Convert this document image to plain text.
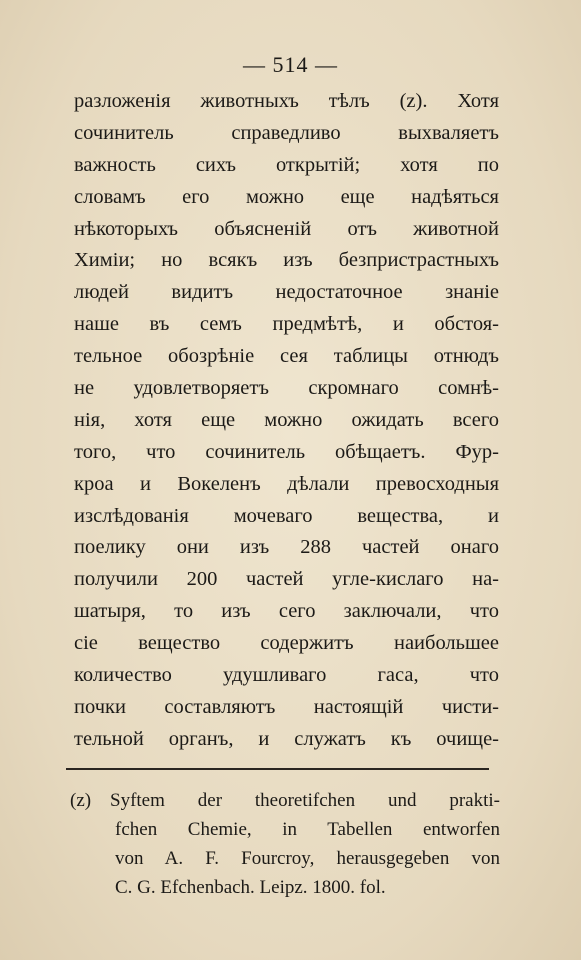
— 514 —
разложенія животныхъ тѣлъ (z). Хотя
сочинитель справедливо выхваляетъ
важность сихъ открытій; хотя по
словамъ его можно еще надѣяться
нѣкоторыхъ объясненій отъ животной
Химіи; но всякъ изъ безпристрастныхъ
людей видитъ недостаточное знаніе
наше въ семъ предмѣтѣ, и обстоя-
тельное обозрѣніе сея таблицы отнюдъ
не удовлетворяетъ скромнаго сомнѣ-
нія, хотя еще можно ожидать всего
того, что сочинитель обѣщаетъ. Фур-
кроа и Вокеленъ дѣлали превосходныя
изслѣдованія мочеваго вещества, и
поелику они изъ 288 частей онаго
получили 200 частей угле-кислаго на-
шатыря, то изъ сего заключали, что
сіе вещество содержитъ наибольшее
количество удушливаго гаса, что
почки составляютъ настоящій чисти-
тельной органъ, и служатъ къ очище-
(z) Syftem der theoretifchen und prakti-
fchen Chemie, in Tabellen entworfen
von A. F. Fourcroy, herausgegeben von
C. G. Efchenbach. Leipz. 1800. fol.
